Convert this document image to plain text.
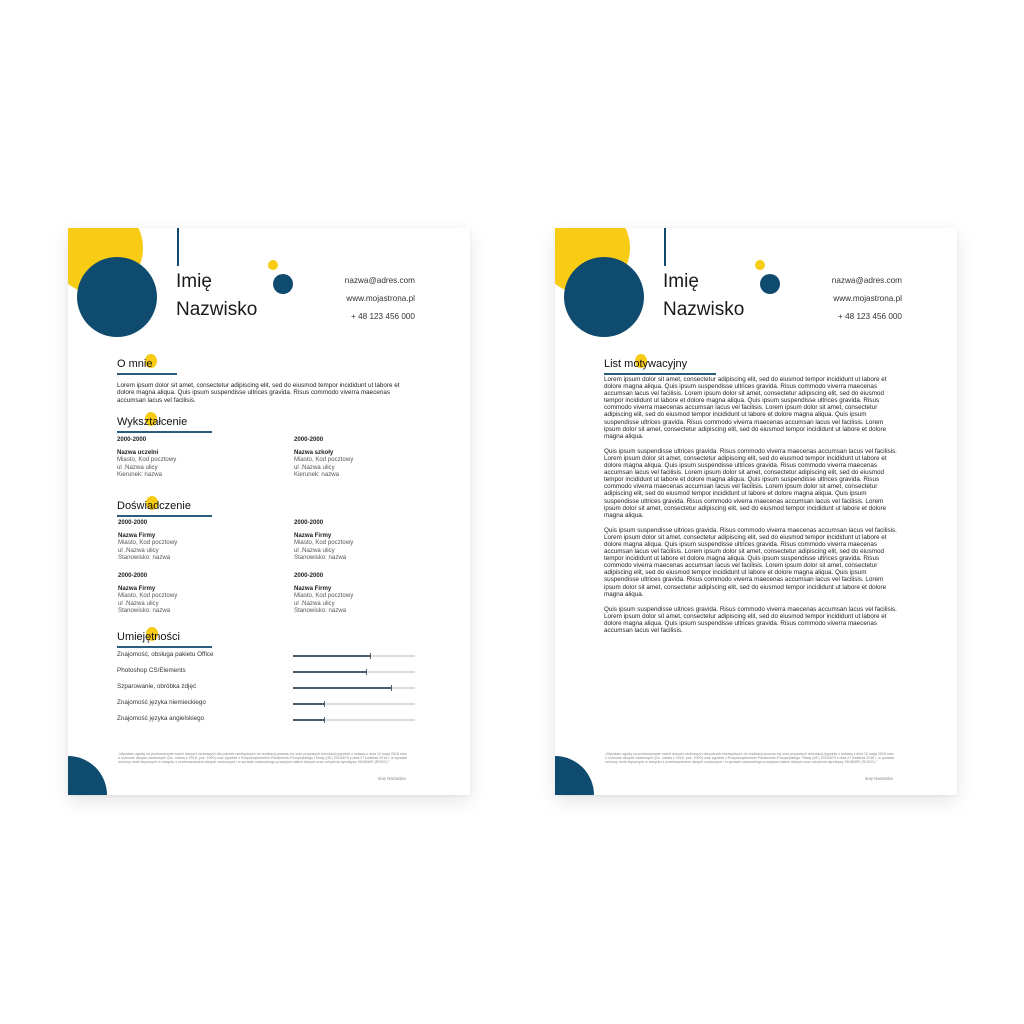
Imię
Nazwisko
nazwa@adres.com
www.mojastrona.pl
+ 48 123 456 000
O mnie
Lorem ipsum dolor sit amet, consectetur adipiscing elit, sed do eiusmod tempor incididunt ut labore et dolore magna aliqua. Quis ipsum suspendisse ultrices gravida. Risus commodo viverra maecenas accumsan lacus vel facilisis.
Wykształcenie
2000-2000
Nazwa uczelni
Miasto, Kod pocztowy
ul .Nazwa ulicy
Kierunek: nazwa
2000-2000
Nazwa szkoły
Miasto, Kod pocztowy
ul .Nazwa ulicy
Kierunek: nazwa
Doświadczenie
2000-2000
Nazwa Firmy
Miasto, Kod pocztowy
ul .Nazwa ulicy
Stanowisko: nazwa
2000-2000
Nazwa Firmy
Miasto, Kod pocztowy
ul .Nazwa ulicy
Stanowisko: nazwa
2000-2000
Nazwa Firmy
Miasto, Kod pocztowy
ul .Nazwa ulicy
Stanowisko: nazwa
2000-2000
Nazwa Firmy
Miasto, Kod pocztowy
ul .Nazwa ulicy
Stanowisko: nazwa
Umiejętności
Znajomość, obsługa pakietu Office
Photoshop CS/Elements
Szparowanie, obróbka zdjęć
Znajomość języka niemieckiego
Znajomość języka angielskiego
„Wyrażam zgodę na przetwarzanie moich danych osobowych dla potrzeb niezbędnych do realizacji procesu tej oraz przyszłych rekrutacji (zgodnie z ustawą z dnia 10 maja 2018 roku o ochronie danych osobowych (Dz. Ustaw z 2018, poz. 1000) oraz zgodnie z Rozporządzeniem Parlamentu Europejskiego i Rady (UE) 2016/679 z dnia 27 kwietnia 2016 r. w sprawie ochrony osób fizycznych w związku z przetwarzaniem danych osobowych i w sprawie swobodnego przepływu takich danych oraz uchylenia dyrektywy 95/46/WE (RODO).”
Imię Nazwisko
Imię
Nazwisko
nazwa@adres.com
www.mojastrona.pl
+ 48 123 456 000
List motywacyjny

Lorem ipsum dolor sit amet, consectetur adipiscing elit, sed do eiusmod tempor incididunt ut labore et dolore magna aliqua. Quis ipsum suspendisse ultrices gravida. Risus commodo viverra maecenas accumsan lacus vel facilisis. Lorem ipsum dolor sit amet, consectetur adipiscing elit, sed do eiusmod tempor incididunt ut labore et dolore magna aliqua. Quis ipsum suspendisse ultrices gravida. Risus commodo viverra maecenas accumsan lacus vel facilisis. Lorem ipsum dolor sit amet, consectetur adipiscing elit, sed do eiusmod tempor incididunt ut labore et dolore magna aliqua. Quis ipsum suspendisse ultrices gravida. Risus commodo viverra maecenas accumsan lacus vel facilisis. Lorem ipsum dolor sit amet, consectetur adipiscing elit, sed do eiusmod tempor incididunt ut labore et dolore magna aliqua.

Quis ipsum suspendisse ultrices gravida. Risus commodo viverra maecenas accumsan lacus vel facilisis. Lorem ipsum dolor sit amet, consectetur adipiscing elit, sed do eiusmod tempor incididunt ut labore et dolore magna aliqua. Quis ipsum suspendisse ultrices gravida. Risus commodo viverra maecenas accumsan lacus vel facilisis. Lorem ipsum dolor sit amet, consectetur adipiscing elit, sed do eiusmod tempor incididunt ut labore et dolore magna aliqua. Quis ipsum suspendisse ultrices gravida. Risus commodo viverra maecenas accumsan lacus vel facilisis. Lorem ipsum dolor sit amet, consectetur adipiscing elit, sed do eiusmod tempor incididunt ut labore et dolore magna aliqua. Quis ipsum suspendisse ultrices gravida. Risus commodo viverra maecenas accumsan lacus vel facilisis. Lorem ipsum dolor sit amet, consectetur adipiscing elit, sed do eiusmod tempor incididunt ut labore et dolore magna aliqua.

Quis ipsum suspendisse ultrices gravida. Risus commodo viverra maecenas accumsan lacus vel facilisis. Lorem ipsum dolor sit amet, consectetur adipiscing elit, sed do eiusmod tempor incididunt ut labore et dolore magna aliqua. Quis ipsum suspendisse ultrices gravida. Risus commodo viverra maecenas accumsan lacus vel facilisis. Lorem ipsum dolor sit amet, consectetur adipiscing elit, sed do eiusmod tempor incididunt ut labore et dolore magna aliqua. Quis ipsum suspendisse ultrices gravida. Risus commodo viverra maecenas accumsan lacus vel facilisis. Lorem ipsum dolor sit amet, consectetur adipiscing elit, sed do eiusmod tempor incididunt ut labore et dolore magna aliqua. Quis ipsum suspendisse ultrices gravida. Risus commodo viverra maecenas accumsan lacus vel facilisis. Lorem ipsum dolor sit amet, consectetur adipiscing elit, sed do eiusmod tempor incididunt ut labore et dolore magna aliqua.

Quis ipsum suspendisse ultrices gravida. Risus commodo viverra maecenas accumsan lacus vel facilisis. Lorem ipsum dolor sit amet, consectetur adipiscing elit, sed do eiusmod tempor incididunt ut labore et dolore magna aliqua. Quis ipsum suspendisse ultrices gravida. Risus commodo viverra maecenas accumsan lacus vel facilisis.

„Wyrażam zgodę na przetwarzanie moich danych osobowych dla potrzeb niezbędnych do realizacji procesu tej oraz przyszłych rekrutacji (zgodnie z ustawą z dnia 10 maja 2018 roku o ochronie danych osobowych (Dz. Ustaw z 2018, poz. 1000) oraz zgodnie z Rozporządzeniem Parlamentu Europejskiego i Rady (UE) 2016/679 z dnia 27 kwietnia 2016 r. w sprawie ochrony osób fizycznych w związku z przetwarzaniem danych osobowych i w sprawie swobodnego przepływu takich danych oraz uchylenia dyrektywy 95/46/WE (RODO).”
Imię Nazwisko
